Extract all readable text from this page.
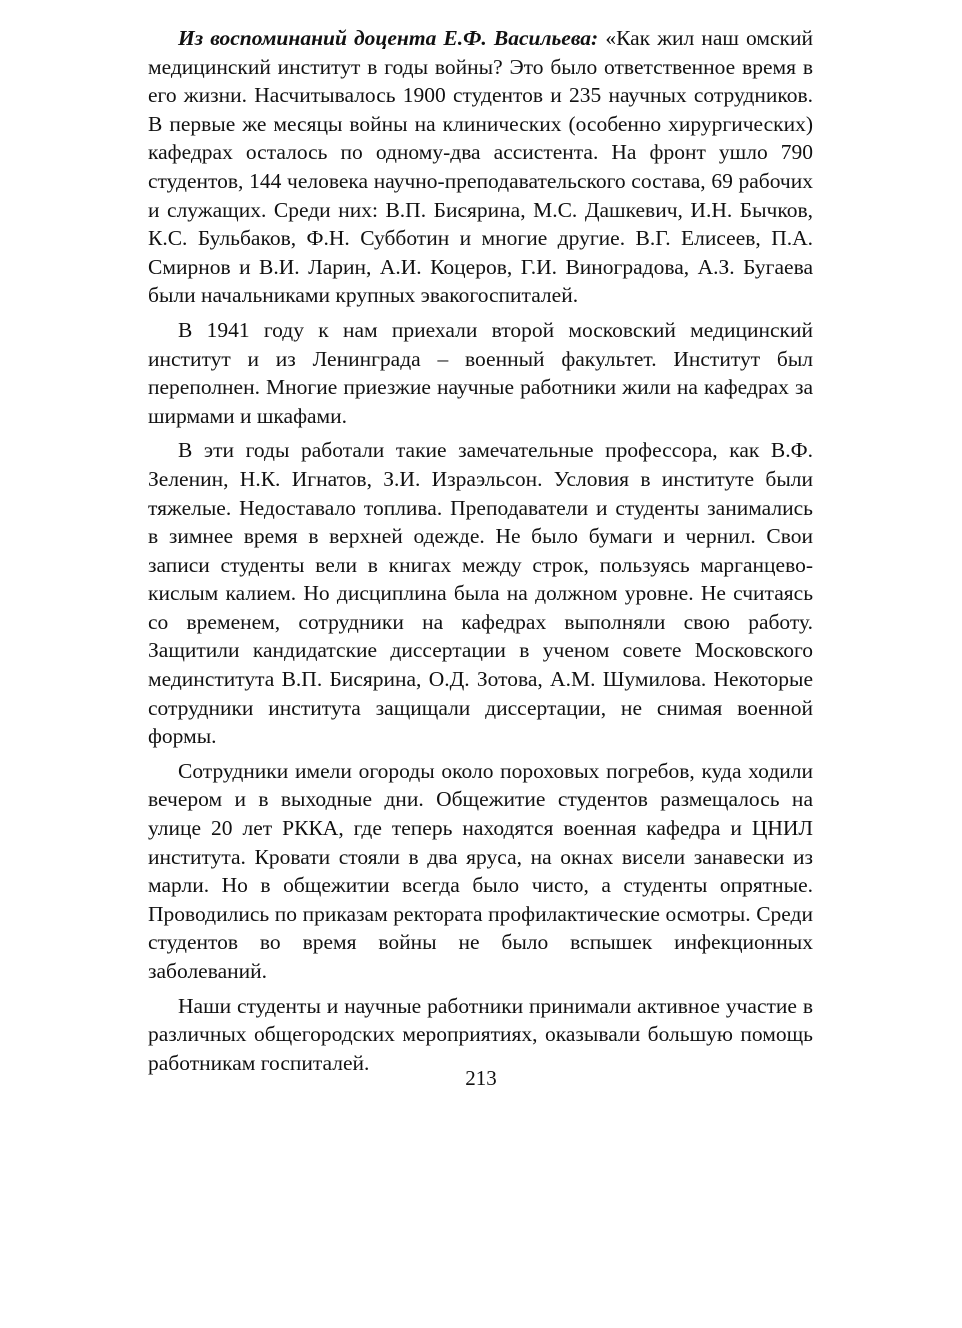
Из воспоминаний доцента Е.Ф. Васильева: «Как жил наш омский медицинский институт в годы войны? Это было ответственное время в его жизни. Насчитывалось 1900 студентов и 235 научных сотрудников. В первые же месяцы войны на клинических (особенно хирургических) кафедрах осталось по одному-два ассистента. На фронт ушло 790 студентов, 144 человека научно-преподавательского состава, 69 рабочих и служащих. Среди них: В.П. Бисярина, М.С. Дашкевич, И.Н. Бычков, К.С. Бульбаков, Ф.Н. Субботин и многие другие. В.Г. Елисеев, П.А. Смирнов и В.И. Ларин, А.И. Коцеров, Г.И. Виноградова, А.З. Бугаева были начальниками крупных эвакогоспиталей.

В 1941 году к нам приехали второй московский медицинский институт и из Ленинграда – военный факультет. Институт был переполнен. Многие приезжие научные работники жили на кафедрах за ширмами и шкафами.

В эти годы работали такие замечательные профессора, как В.Ф. Зеленин, Н.К. Игнатов, З.И. Израэльсон. Условия в институте были тяжелые. Недоставало топлива. Преподаватели и студенты занимались в зимнее время в верхней одежде. Не было бумаги и чернил. Свои записи студенты вели в книгах между строк, пользуясь марганцево-кислым калием. Но дисциплина была на должном уровне. Не считаясь со временем, сотрудники на кафедрах выполняли свою работу. Защитили кандидатские диссертации в ученом совете Московского мединститута В.П. Бисярина, О.Д. Зотова, А.М. Шумилова. Некоторые сотрудники института защищали диссертации, не снимая военной формы.

Сотрудники имели огороды около пороховых погребов, куда ходили вечером и в выходные дни. Общежитие студентов размещалось на улице 20 лет РККА, где теперь находятся военная кафедра и ЦНИЛ института. Кровати стояли в два яруса, на окнах висели занавески из марли. Но в общежитии всегда было чисто, а студенты опрятные. Проводились по приказам ректората профилактические осмотры. Среди студентов во время войны не было вспышек инфекционных заболеваний.

Наши студенты и научные работники принимали активное участие в различных общегородских мероприятиях, оказывали большую помощь работникам госпиталей.

213
